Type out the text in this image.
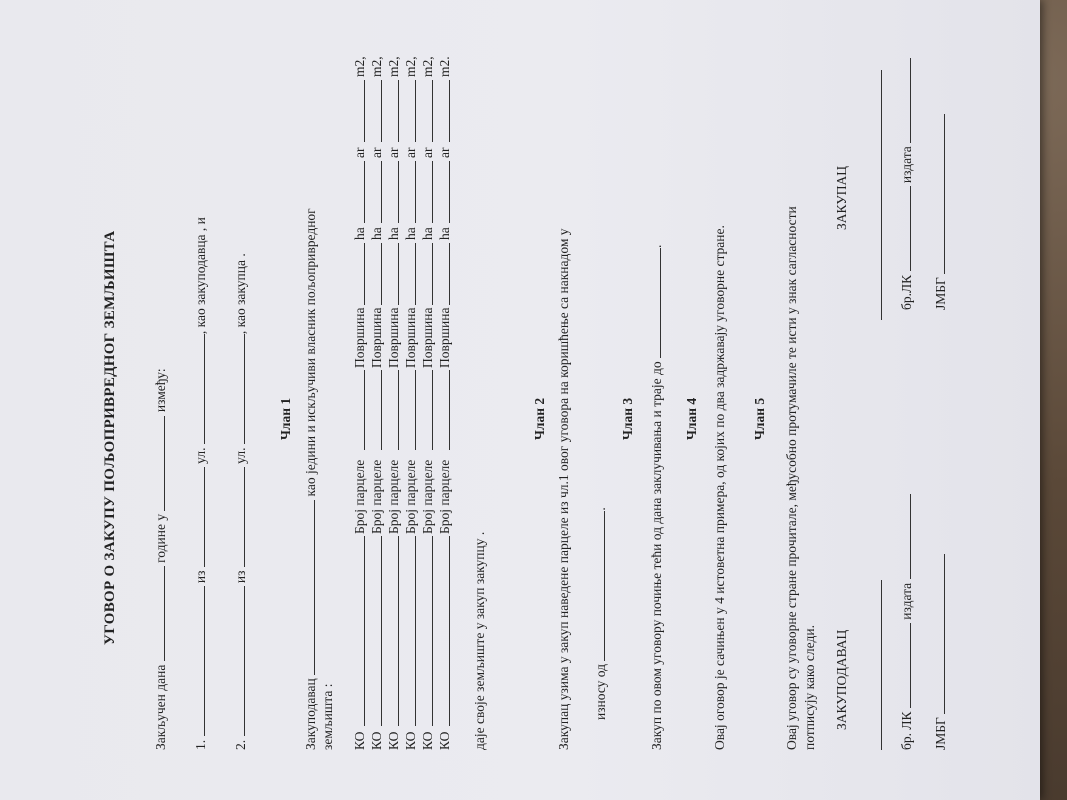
УГОВОР О ЗАКУПУ ПОЉОПРИВРЕДНОГ ЗЕМЉИШТА
Закључен дана  године у  између:
1.  из  ул. , као закуподавца , и
2.  из  ул. , као закупца .
Члан 1
Закуподавац  као једини и искључиви власник пољопривредног
земљишта : КО
Број парцеле
Површина
ha
ar
m2,
КО
Број парцеле
Површина
ha
ar
m2,
КО
Број парцеле
Површина
ha
ar
m2,
КО
Број парцеле
Површина
ha
ar
m2,
КО
Број парцеле
Површина
ha
ar
m2,
КО
Број парцеле
Површина
ha
ar
m2.
даје своје земљиште у закуп закупцу .
Члан 2 Закупац узима у закуп наведене парцеле из чл.1 овог уговора на коришћење са накнадом у износу од .
Члан 3 Закуп по овом уговору почиње тећи од дана заклучивања и траје до .
Члан 4 Овај оговор је сачињен у 4 истоветна примера, од којих по два задржавају уговорне стране. Члан 5 Овај уговор су уговорне стране прочитале, међусобно протумачиле те исти у знак сагласности потписују како следи. ЗАКУПОДАВАЦ
ЗАКУПАЦ
бр. ЛК  издата
бр.ЛК  издата
ЈМБГ
ЈМБГ
